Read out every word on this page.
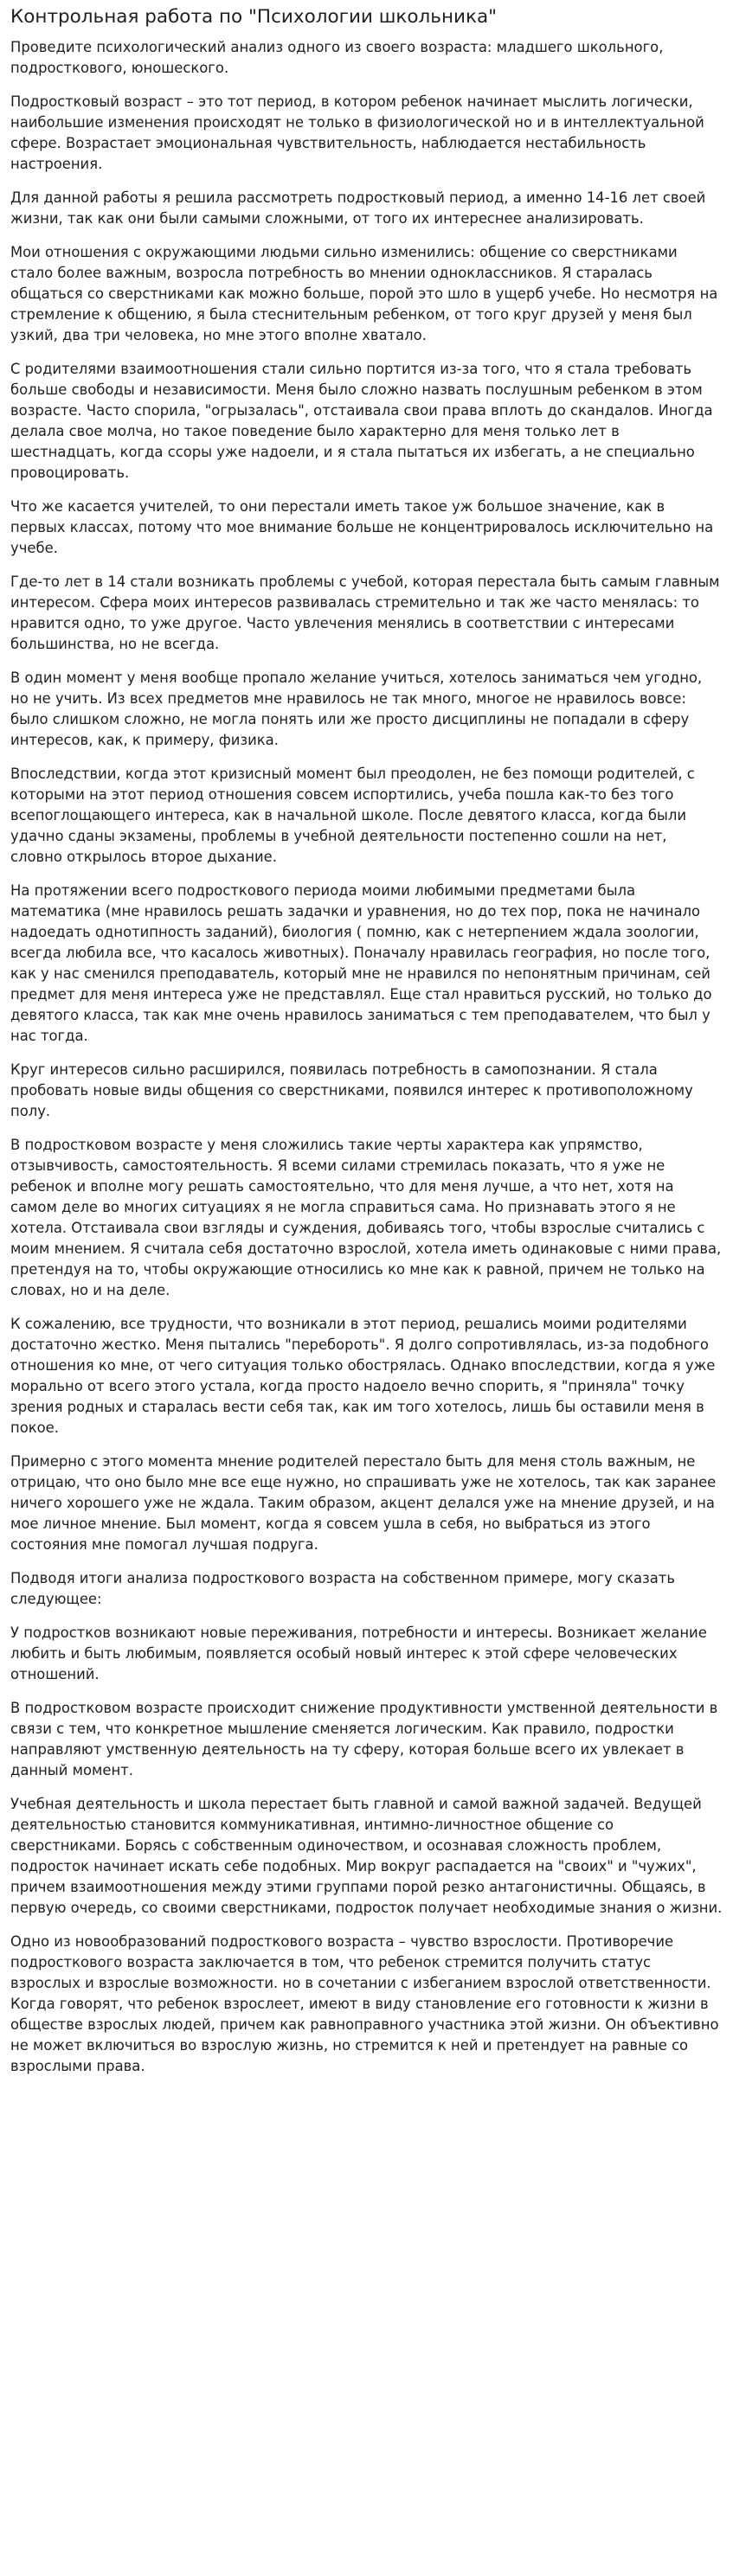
Контрольная работа по "Психологии школьника"

Проведите психологический анализ одного из своего возраста: младшего школьного, подросткового, юношеского.

Подростковый возраст – это тот период, в котором ребенок начинает мыслить логически, наибольшие изменения происходят не только в физиологической но и в интеллектуальной сфере. Возрастает эмоциональная чувствительность, наблюдается нестабильность настроения.

Для данной работы я решила рассмотреть подростковый период, а именно 14-16 лет своей жизни, так как они были самыми сложными, от того их интереснее анализировать.

Мои отношения с окружающими людьми сильно изменились: общение со сверстниками стало более важным, возросла потребность во мнении одноклассников. Я старалась общаться со сверстниками как можно больше, порой это шло в ущерб учебе. Но несмотря на стремление к общению, я была стеснительным ребенком, от того круг друзей у меня был узкий, два три человека, но мне этого вполне хватало.

С родителями взаимоотношения стали сильно портится из-за того, что я стала требовать больше свободы и независимости. Меня было сложно назвать послушным ребенком в этом возрасте. Часто спорила, "огрызалась", отстаивала свои права вплоть до скандалов. Иногда делала свое молча, но такое поведение было характерно для меня только лет в шестнадцать, когда ссоры уже надоели, и я стала пытаться их избегать, а не специально провоцировать.

Что же касается учителей, то они перестали иметь такое уж большое значение, как в первых классах, потому что мое внимание больше не концентрировалось исключительно на учебе.

Где-то лет в 14 стали возникать проблемы с учебой, которая перестала быть самым главным интересом. Сфера моих интересов развивалась стремительно и так же часто менялась: то нравится одно, то уже другое. Часто увлечения менялись в соответствии с интересами большинства, но не всегда.

В один момент у меня вообще пропало желание учиться, хотелось заниматься чем угодно, но не учить. Из всех предметов мне нравилось не так много, многое не нравилось вовсе: было слишком сложно, не могла понять или же просто дисциплины не попадали в сферу интересов, как, к примеру, физика.

Впоследствии, когда этот кризисный момент был преодолен, не без помощи родителей, с которыми на этот период отношения совсем испортились, учеба пошла как-то без того всепоглощающего интереса, как в начальной школе. После девятого класса, когда были удачно сданы экзамены, проблемы в учебной деятельности постепенно сошли на нет, словно открылось второе дыхание.

На протяжении всего подросткового периода моими любимыми предметами была математика (мне нравилось решать задачки и уравнения, но до тех пор, пока не начинало надоедать однотипность заданий), биология ( помню, как с нетерпением ждала зоологии, всегда любила все, что касалось животных). Поначалу нравилась география, но после того, как у нас сменился преподаватель, который мне не нравился по непонятным причинам, сей предмет для меня интереса уже не представлял. Еще стал нравиться русский, но только до девятого класса, так как мне очень нравилось заниматься с тем преподавателем, что был у нас тогда.

Круг интересов сильно расширился, появилась потребность в самопознании. Я стала пробовать новые виды общения со сверстниками, появился интерес к противоположному полу.

В подростковом возрасте у меня сложились такие черты характера как упрямство, отзывчивость, самостоятельность. Я всеми силами стремилась показать, что я уже не ребенок и вполне могу решать самостоятельно, что для меня лучше, а что нет, хотя на самом деле во многих ситуациях я не могла справиться сама. Но признавать этого я не хотела. Отстаивала свои взгляды и суждения, добиваясь того, чтобы взрослые считались с моим мнением. Я считала себя достаточно взрослой, хотела иметь одинаковые с ними права, претендуя на то, чтобы окружающие относились ко мне как к равной, причем не только на словах, но и на деле.

К сожалению, все трудности, что возникали в этот период, решались моими родителями достаточно жестко. Меня пытались "перебороть". Я долго сопротивлялась, из-за подобного отношения ко мне, от чего ситуация только обострялась. Однако впоследствии, когда я уже морально от всего этого устала, когда просто надоело вечно спорить, я "приняла" точку зрения родных и старалась вести себя так, как им того хотелось, лишь бы оставили меня в покое.

Примерно с этого момента мнение родителей перестало быть для меня столь важным, не отрицаю, что оно было мне все еще нужно, но спрашивать уже не хотелось, так как заранее ничего хорошего уже не ждала. Таким образом, акцент делался уже на мнение друзей, и на мое личное мнение. Был момент, когда я совсем ушла в себя, но выбраться из этого состояния мне помогал лучшая подруга.

Подводя итоги анализа подросткового возраста на собственном примере, могу сказать следующее:

У подростков возникают новые переживания, потребности и интересы. Возникает желание любить и быть любимым, появляется особый новый интерес к этой сфере человеческих отношений.

В подростковом возрасте происходит снижение продуктивности умственной деятельности в связи с тем, что конкретное мышление сменяется логическим. Как правило, подростки направляют умственную деятельность на ту сферу, которая больше всего их увлекает в данный момент.

Учебная деятельность и школа перестает быть главной и самой важной задачей. Ведущей деятельностью становится коммуникативная, интимно-личностное общение со сверстниками. Борясь с собственным одиночеством, и осознавая сложность проблем, подросток начинает искать себе подобных. Мир вокруг распадается на "своих" и "чужих", причем взаимоотношения между этими группами порой резко антагонистичны. Общаясь, в первую очередь, со своими сверстниками, подросток получает необходимые знания о жизни.

Одно из новообразований подросткового возраста – чувство взрослости. Противоречие подросткового возраста заключается в том, что ребенок стремится получить статус взрослых и взрослые возможности. но в сочетании с избеганием взрослой ответственности. Когда говорят, что ребенок взрослеет, имеют в виду становление его готовности к жизни в обществе взрослых людей, причем как равноправного участника этой жизни. Он объективно не может включиться во взрослую жизнь, но стремится к ней и претендует на равные со взрослыми права.
